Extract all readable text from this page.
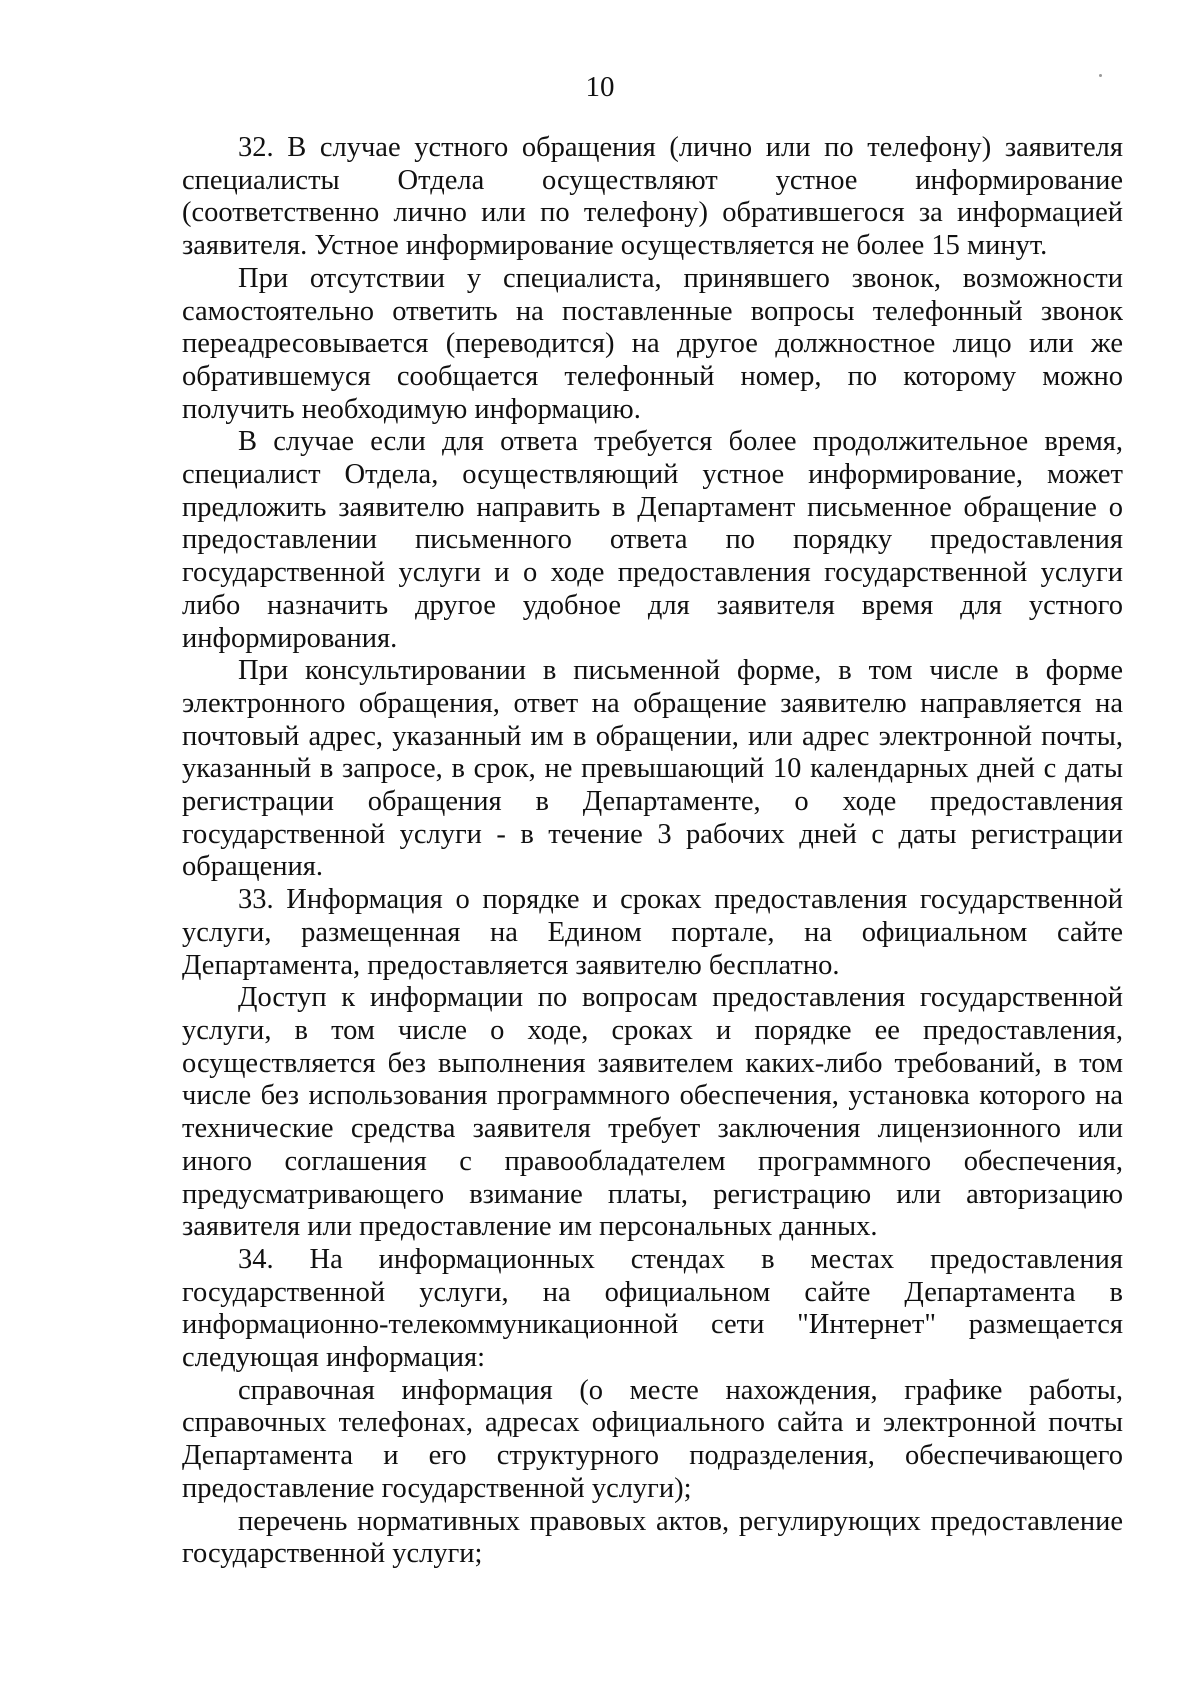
10

32. В случае устного обращения (лично или по телефону) заявителя специалисты Отдела осуществляют устное информирование (соответственно лично или по телефону) обратившегося за информацией заявителя. Устное информирование осуществляется не более 15 минут.

При отсутствии у специалиста, принявшего звонок, возможности самостоятельно ответить на поставленные вопросы телефонный звонок переадресовывается (переводится) на другое должностное лицо или же обратившемуся сообщается телефонный номер, по которому можно получить необходимую информацию.

В случае если для ответа требуется более продолжительное время, специалист Отдела, осуществляющий устное информирование, может предложить заявителю направить в Департамент письменное обращение о предоставлении письменного ответа по порядку предоставления государственной услуги и о ходе предоставления государственной услуги либо назначить другое удобное для заявителя время для устного информирования.

При консультировании в письменной форме, в том числе в форме электронного обращения, ответ на обращение заявителю направляется на почтовый адрес, указанный им в обращении, или адрес электронной почты, указанный в запросе, в срок, не превышающий 10 календарных дней с даты регистрации обращения в Департаменте, о ходе предоставления государственной услуги - в течение 3 рабочих дней с даты регистрации обращения.

33. Информация о порядке и сроках предоставления государственной услуги, размещенная на Едином портале, на официальном сайте Департамента, предоставляется заявителю бесплатно.

Доступ к информации по вопросам предоставления государственной услуги, в том числе о ходе, сроках и порядке ее предоставления, осуществляется без выполнения заявителем каких-либо требований, в том числе без использования программного обеспечения, установка которого на технические средства заявителя требует заключения лицензионного или иного соглашения с правообладателем программного обеспечения, предусматривающего взимание платы, регистрацию или авторизацию заявителя или предоставление им персональных данных.

34. На информационных стендах в местах предоставления государственной услуги, на официальном сайте Департамента в информационно-телекоммуникационной сети "Интернет" размещается следующая информация:

справочная информация (о месте нахождения, графике работы, справочных телефонах, адресах официального сайта и электронной почты Департамента и его структурного подразделения, обеспечивающего предоставление государственной услуги);

перечень нормативных правовых актов, регулирующих предоставление государственной услуги;
